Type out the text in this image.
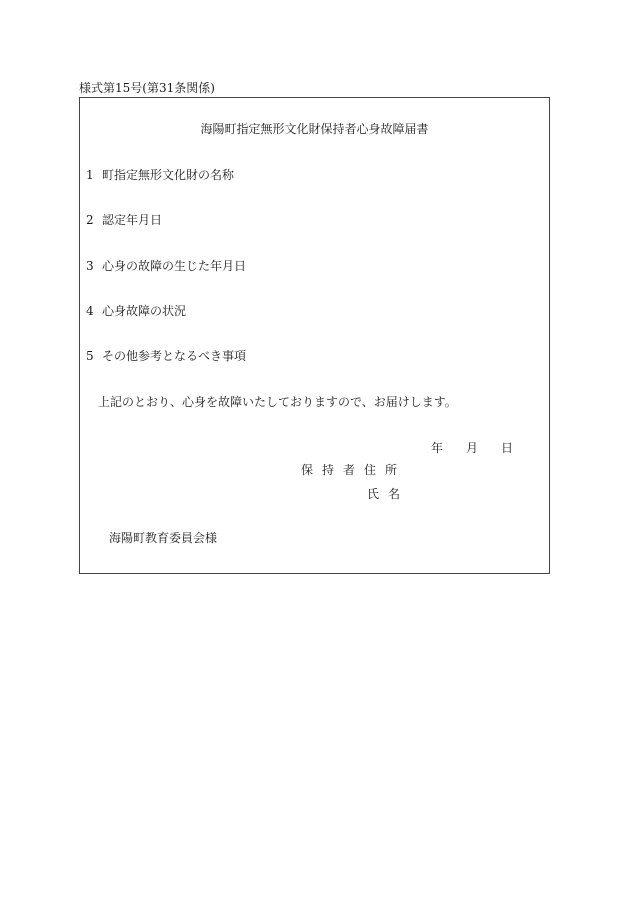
様式第15号(第31条関係)
海陽町指定無形文化財保持者心身故障届書
1 町指定無形文化財の名称
2 認定年月日
3 心身の故障の生じた年月日
4 心身故障の状況
5 その他参考となるべき事項
上記のとおり、心身を故障いたしておりますので、お届けします。
年 月 日
保持者住所
氏名
海陽町教育委員会様
